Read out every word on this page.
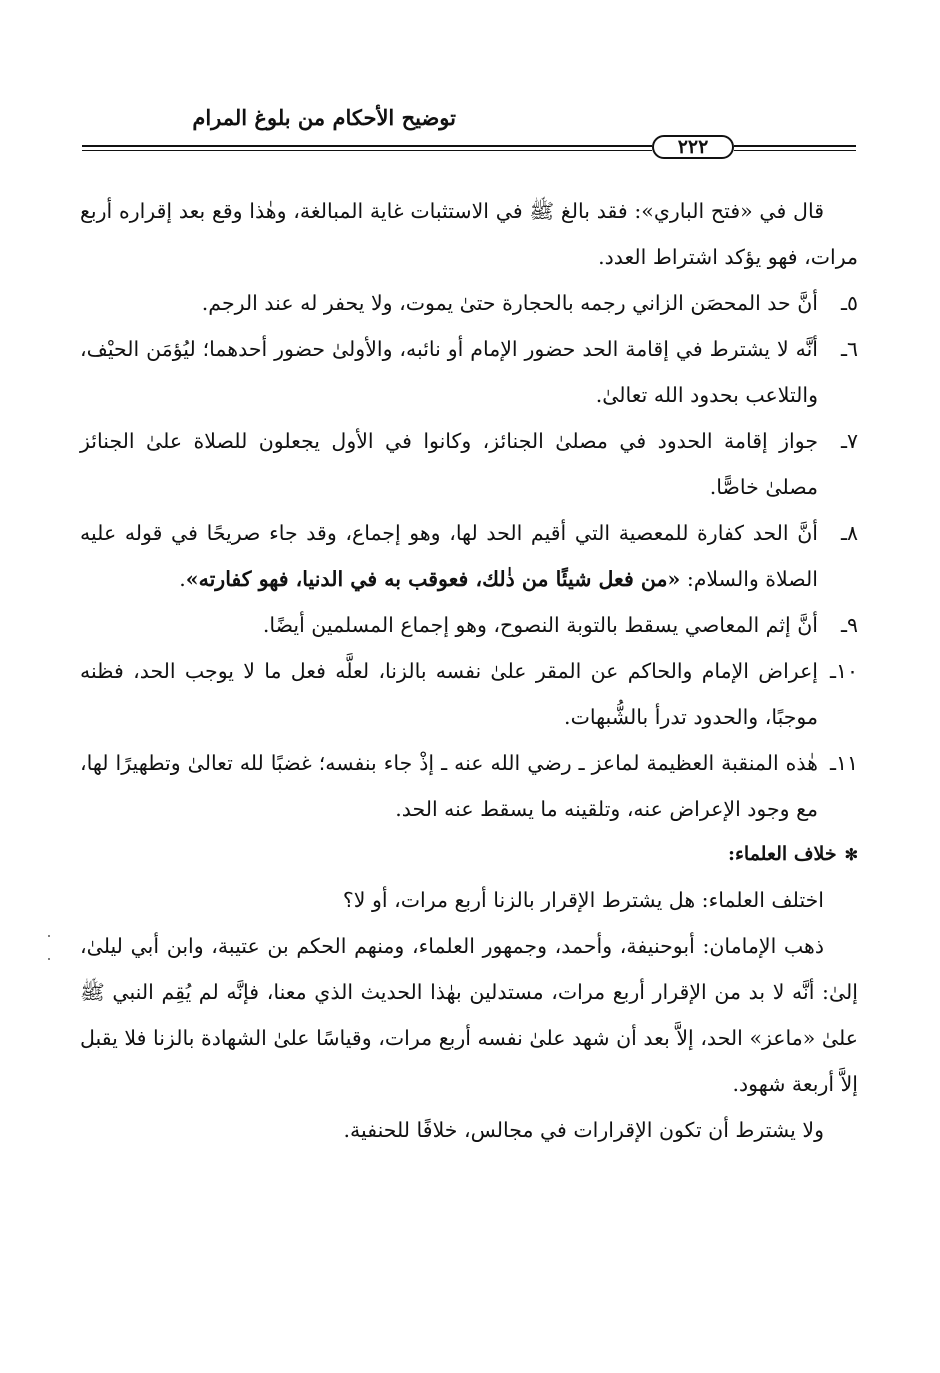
توضيح الأحكام من بلوغ المرام
٢٢٢

قال في «فتح الباري»: فقد بالغ ﷺ في الاستثبات غاية المبالغة، وهٰذا وقع بعد إقراره أربع مرات، فهو يؤكد اشتراط العدد.

٥ـأنَّ حد المحصَن الزاني رجمه بالحجارة حتىٰ يموت، ولا يحفر له عند الرجم.

٦ـأنَّه لا يشترط في إقامة الحد حضور الإمام أو نائبه، والأولىٰ حضور أحدهما؛ ليُؤمَن الحيْف، والتلاعب بحدود الله تعالىٰ.

٧ـجواز إقامة الحدود في مصلىٰ الجنائز، وكانوا في الأول يجعلون للصلاة علىٰ الجنائز مصلىٰ خاصًّا.

٨ـأنَّ الحد كفارة للمعصية التي أقيم الحد لها، وهو إجماع، وقد جاء صريحًا في قوله عليه الصلاة والسلام: «من فعل شيئًا من ذٰلك، فعوقب به في الدنيا، فهو كفارته».

٩ـأنَّ إثم المعاصي يسقط بالتوبة النصوح، وهو إجماع المسلمين أيضًا.

١٠ـإعراض الإمام والحاكم عن المقر علىٰ نفسه بالزنا، لعلَّه فعل ما لا يوجب الحد، فظنه موجبًا، والحدود تدرأ بالشُّبهات.

١١ـهٰذه المنقبة العظيمة لماعز ـ رضي الله عنه ـ إذْ جاء بنفسه؛ غضبًا لله تعالىٰ وتطهيرًا لها، مع وجود الإعراض عنه، وتلقينه ما يسقط عنه الحد.

✻خلاف العلماء:

اختلف العلماء: هل يشترط الإقرار بالزنا أربع مرات، أو لا؟

ذهب الإمامان: أبوحنيفة، وأحمد، وجمهور العلماء، ومنهم الحكم بن عتيبة، وابن أبي ليلىٰ، إلىٰ: أنَّه لا بد من الإقرار أربع مرات، مستدلين بهٰذا الحديث الذي معنا، فإنَّه لم يُقِم النبي ﷺ علىٰ «ماعز» الحد، إلاَّ بعد أن شهد علىٰ نفسه أربع مرات، وقياسًا علىٰ الشهادة بالزنا فلا يقبل إلاَّ أربعة شهود.

ولا يشترط أن تكون الإقرارات في مجالس، خلافًا للحنفية.
